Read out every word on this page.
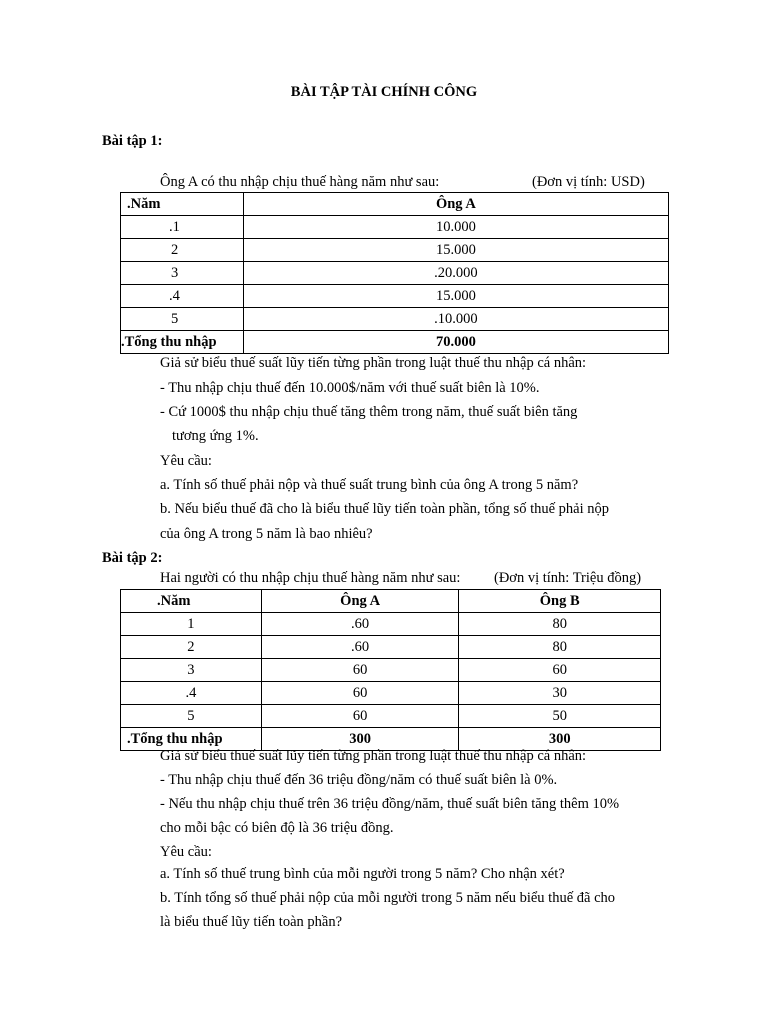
BÀI TẬP TÀI CHÍNH CÔNG
Bài tập 1:
Ông A có thu nhập chịu thuế hàng năm như sau:	(Đơn vị tính: USD)
.Năm	Ông A
.1	10.000
2	15.000
3	.20.000
.4	15.000
5	.10.000
.Tổng thu nhập	70.000
Giả sử biểu thuế suất lũy tiến từng phần trong luật thuế thu nhập cá nhân:
- Thu nhập chịu thuế đến 10.000$/năm với thuế suất biên là 10%.
- Cứ 1000$ thu nhập chịu thuế tăng thêm trong năm, thuế suất biên tăng
tương ứng 1%.
Yêu cầu:
a. Tính số thuế phải nộp và thuế suất trung bình của ông A trong 5 năm?
b. Nếu biểu thuế đã cho là biểu thuế lũy tiến toàn phần, tổng số thuế phải nộp
của ông A trong 5 năm là bao nhiêu?
Bài tập 2:
Hai người có thu nhập chịu thuế hàng năm như sau: (Đơn vị tính: Triệu đồng)
.Năm	Ông A	Ông B
1	.60	80
2	.60	80
3	60	60
.4	60	30
5	60	50
.Tổng thu nhập	300	300
Giả sử biểu thuế suất lũy tiến từng phần trong luật thuế thu nhập cá nhân:
- Thu nhập chịu thuế đến 36 triệu đồng/năm có thuế suất biên là 0%.
- Nếu thu nhập chịu thuế trên 36 triệu đồng/năm, thuế suất biên tăng thêm 10%
cho mỗi bậc có biên độ là 36 triệu đồng.
Yêu cầu:
a. Tính số thuế trung bình của mỗi người trong 5 năm? Cho nhận xét?
b. Tính tổng số thuế phải nộp của mỗi người trong 5 năm nếu biểu thuế đã cho
là biểu thuế lũy tiến toàn phần?
